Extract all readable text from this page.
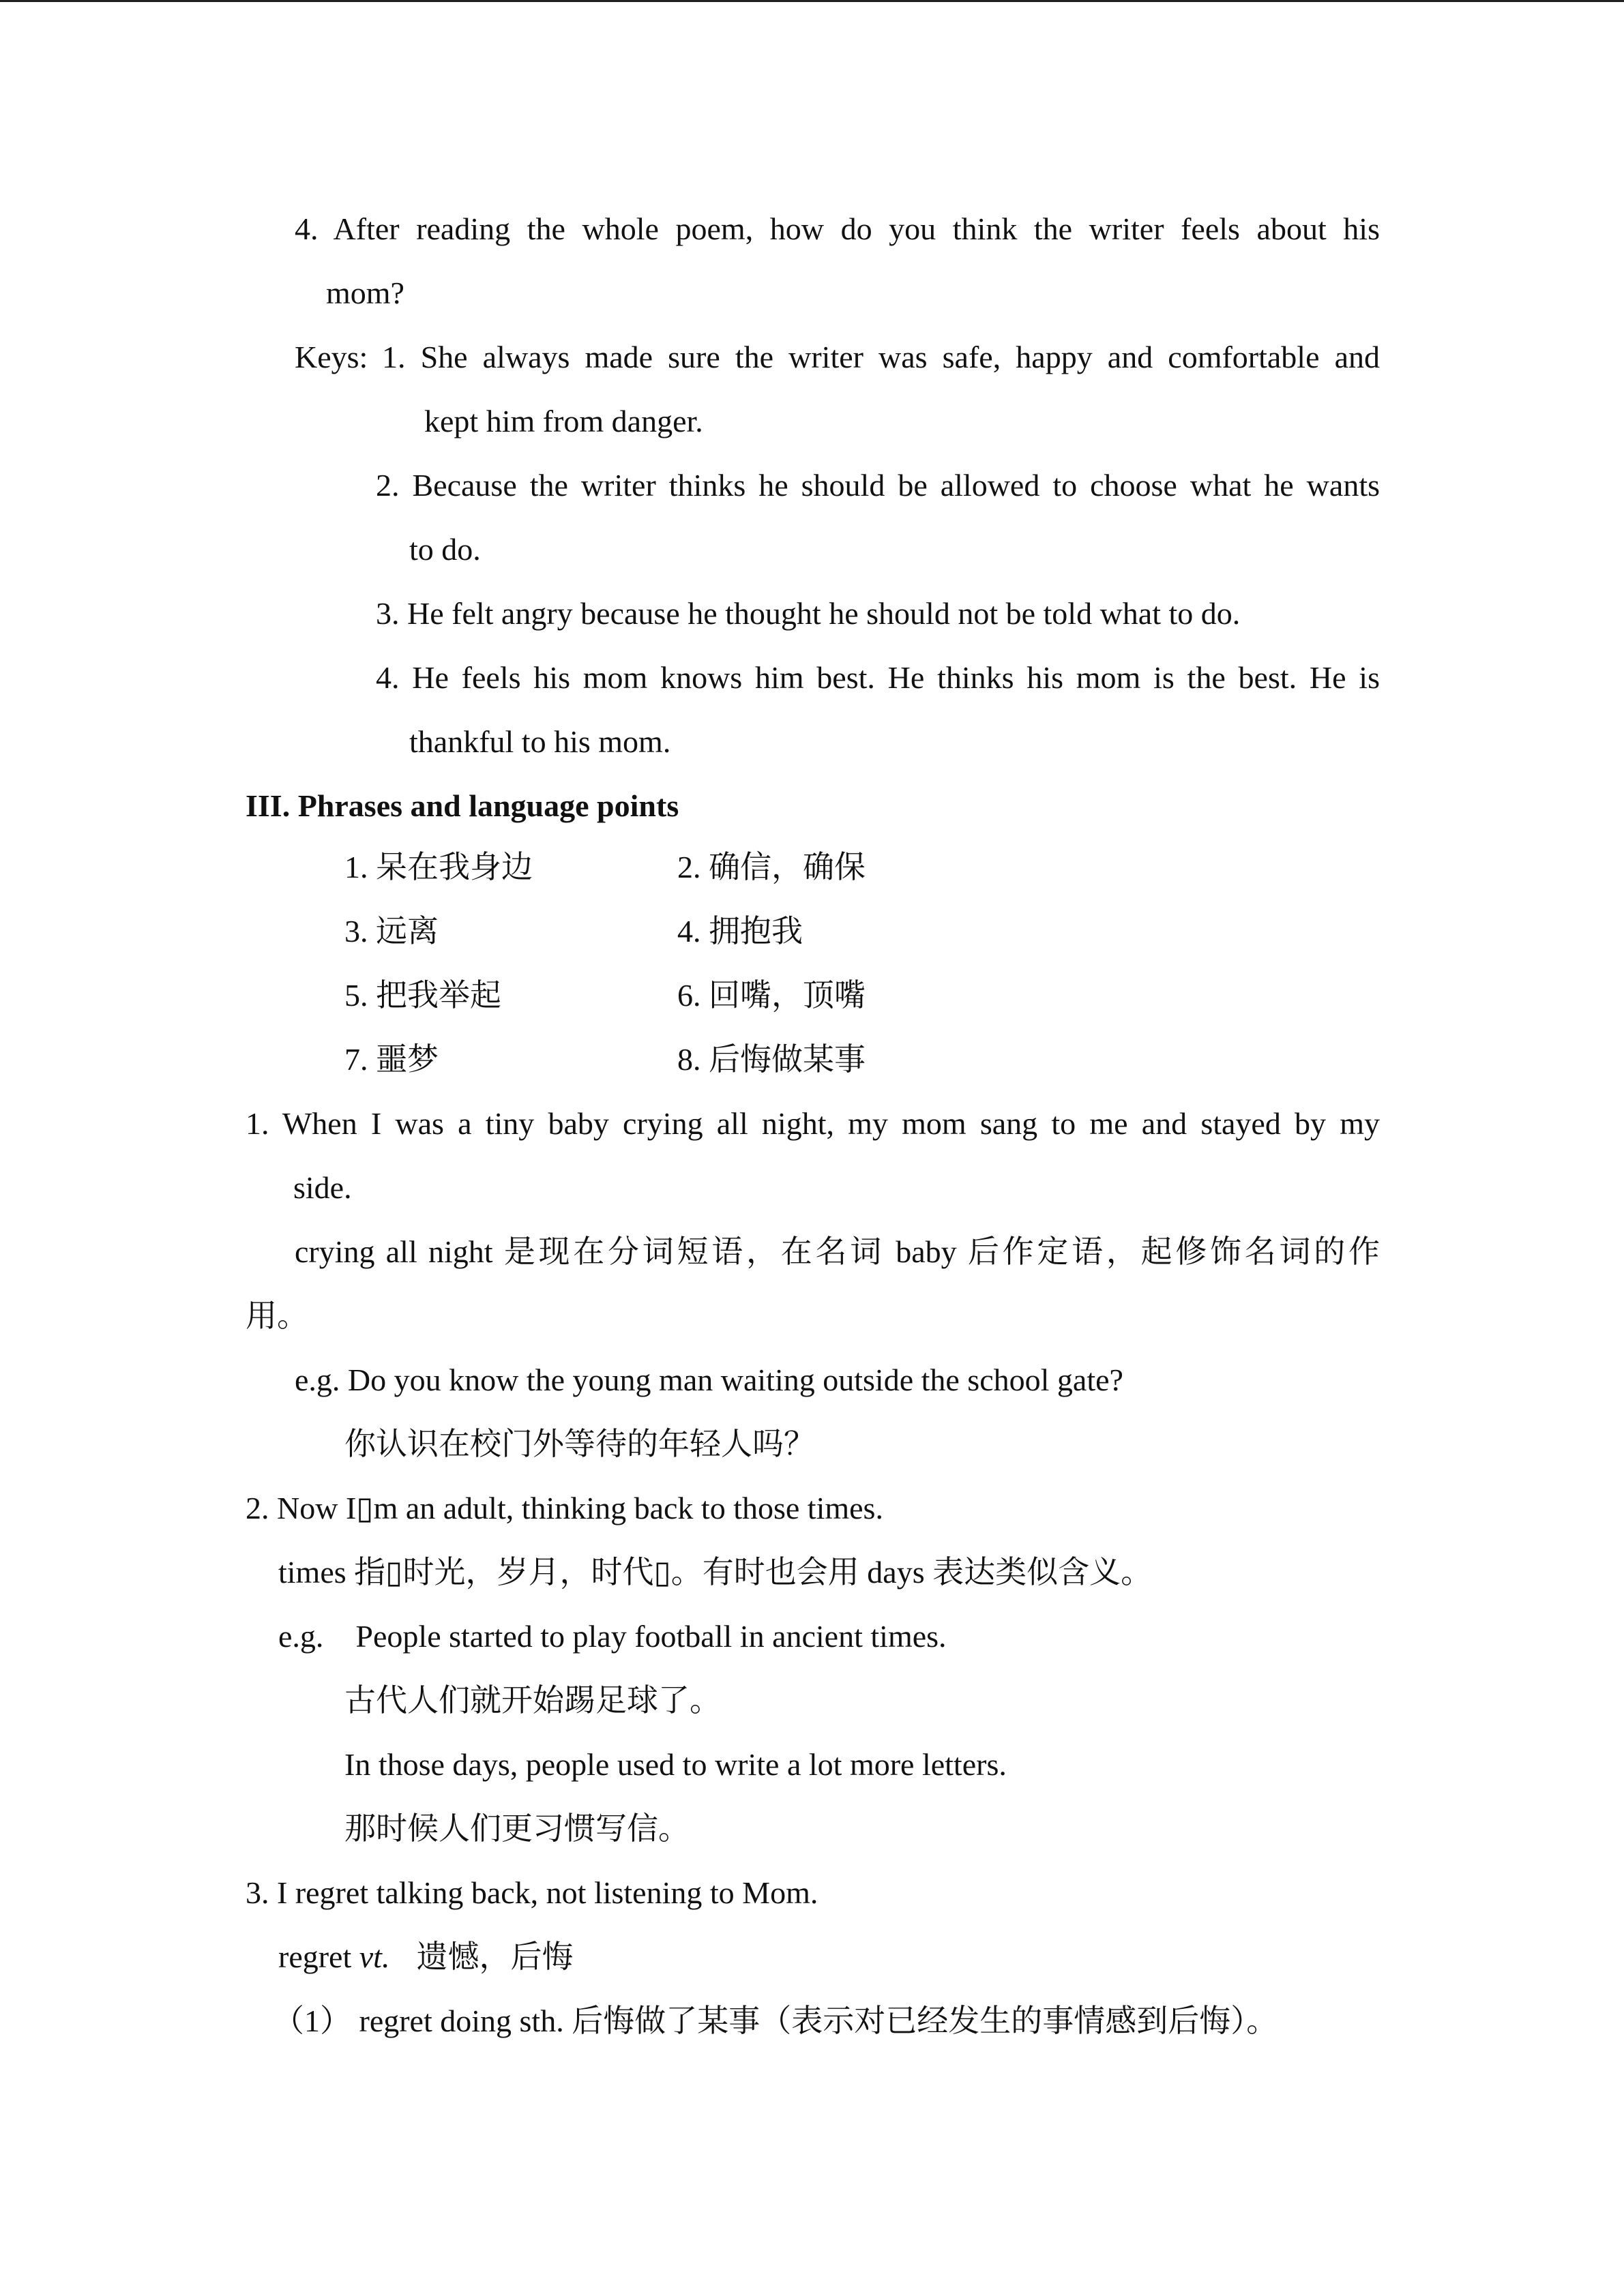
4. After reading the whole poem, how do you think the writer feels about his
mom?
Keys: 1. She always made sure the writer was safe, happy and comfortable and
kept him from danger.
2. Because the writer thinks he should be allowed to choose what he wants
to do.
3. He felt angry because he thought he should not be told what to do.
4. He feels his mom knows him best. He thinks his mom is the best. He is
thankful to his mom.
III. Phrases and language points
1. 呆在我身边	2. 确信，确保
3. 远离	4. 拥抱我
5. 把我举起	6. 回嘴，顶嘴
7. 噩梦	8. 后悔做某事
1. When I was a tiny baby crying all night, my mom sang to me and stayed by my
side.
crying all night 是现在分词短语，在名词 baby 后作定语，起修饰名词的作
用。
e.g. Do you know the young man waiting outside the school gate?
你认识在校门外等待的年轻人吗？
2. Now I▯m an adult, thinking back to those times.
times 指▯时光，岁月，时代▯。有时也会用 days 表达类似含义。
e.g. People started to play football in ancient times.
古代人们就开始踢足球了。
In those days, people used to write a lot more letters.
那时候人们更习惯写信。
3. I regret talking back, not listening to Mom.
regret vt. 遗憾，后悔
（1） regret doing sth. 后悔做了某事（表示对已经发生的事情感到后悔）。
